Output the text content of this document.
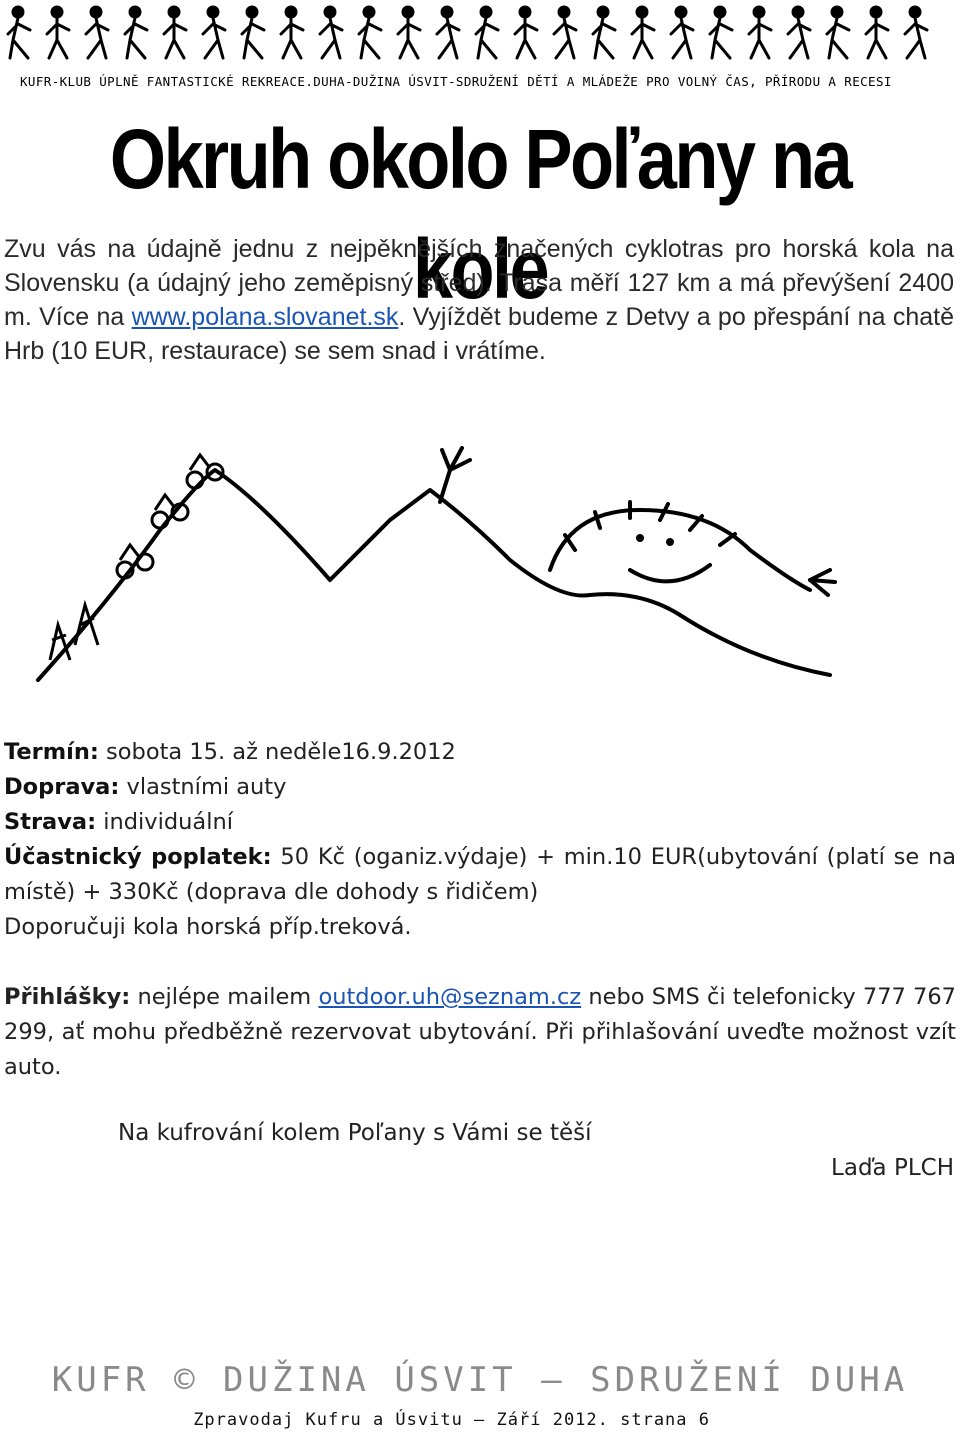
KUFR-KLUB ÚPLNĚ FANTASTICKÉ REKREACE.DUHA-DUŽINA ÚSVIT-SDRUŽENÍ DĚTÍ A MLÁDEŽE PRO VOLNÝ ČAS, PŘÍRODU A RECESI
Okruh okolo Poľany na kole
Zvu vás na údajně jednu z nejpěknějších značených cyklotras pro horská kola na Slovensku (a údajný jeho zeměpisný střed). Trasa měří 127 km a má převýšení 2400 m. Více na www.polana.slovanet.sk. Vyjíždět budeme z Detvy a po přespání na chatě Hrb (10 EUR, restaurace) se sem snad i vrátíme.
Termín: sobota 15. až neděle16.9.2012
Doprava: vlastními auty
Strava: individuální
Účastnický poplatek: 50 Kč (oganiz.výdaje) + min.10 EUR(ubytování (platí se na místě) + 330Kč (doprava dle dohody s řidičem)
Doporučuji kola horská příp.treková.
Přihlášky: nejlépe mailem outdoor.uh@seznam.cz nebo SMS či telefonicky 777 767 299, ať mohu předběžně rezervovat ubytování. Při přihlašování uveďte možnost vzít auto.
Na kufrování kolem Poľany s Vámi se těší
Laďa PLCH
KUFR © DUŽINA ÚSVIT – SDRUŽENÍ DUHA
Zpravodaj Kufru a Úsvitu – Září 2012. strana 6
